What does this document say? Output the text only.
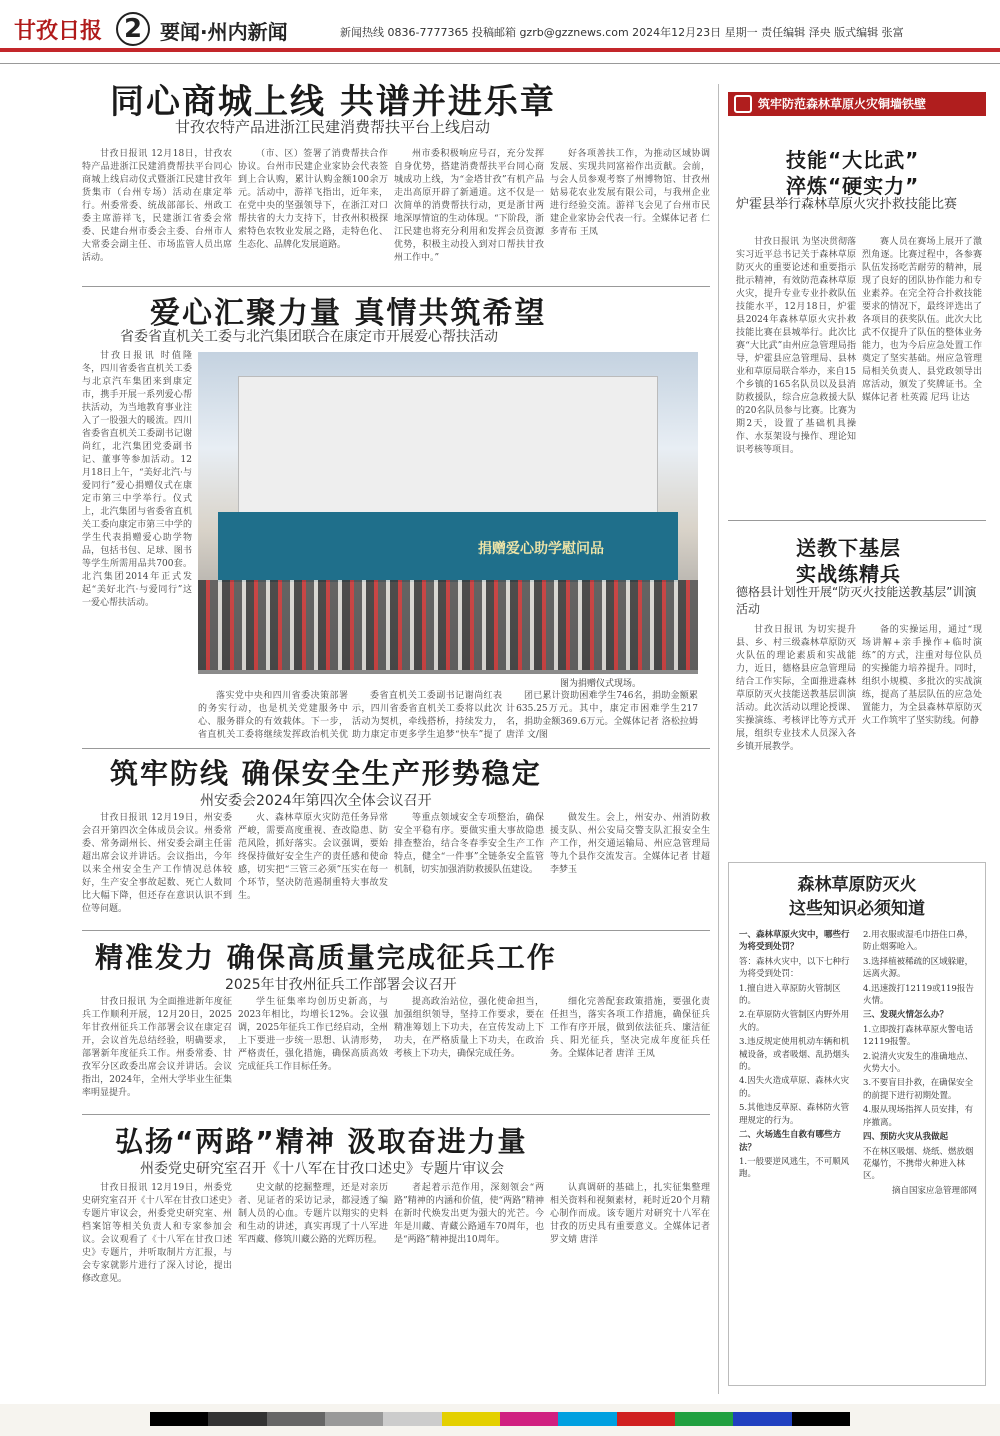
甘孜日报 2 要闻·州内新闻	新闻热线 0836-7777365 投稿邮箱 gzrb@gzznews.com 2024年12月23日 星期一 责任编辑 泽央 版式编辑 张富
同心商城上线 共谱并进乐章
甘孜农特产品进浙江民建消费帮扶平台上线启动

甘孜日报讯 12月18日，甘孜农特产品进浙江民建消费帮扶平台同心商城上线启动仪式暨浙江民建甘孜年货集市（台州专场）活动在康定举行。州委常委、统战部部长、州政工委主席游祥飞，民建浙江省委会常委、民建台州市委会主委、台州市人大常委会副主任、市场监管人员出席活动。

（市、区）签署了消费帮扶合作协议。台州市民建企业家协会代表签到上合认购，累计认购金额100余万元。活动中，游祥飞指出，近年来，在党中央的坚强领导下，在浙江对口帮扶省的大力支持下，甘孜州积极探索特色农牧业发展之路，走特色化、生态化、品牌化发展道路。

州市委积极响应号召，充分发挥自身优势，搭建消费帮扶平台同心商城成功上线，为“金塔甘孜”有机产品走出高原开辟了新通道。这不仅是一次简单的消费帮扶行动，更是浙甘两地深厚情谊的生动体现。“下阶段，浙江民建也将充分利用和发挥会员资源优势，积极主动投入到对口帮扶甘孜州工作中。”

好各项善扶工作，为推动区域协调发展、实现共同富裕作出贡献。会前，与会人员参观考察了州博物馆、甘孜州姑易花农业发展有限公司，与我州企业进行经验交流。游祥飞会见了台州市民建企业家协会代表一行。全媒体记者 仁多青布 王凤

爱心汇聚力量 真情共筑希望
省委省直机关工委与北汽集团联合在康定市开展爱心帮扶活动

甘孜日报讯 时值隆冬，四川省委省直机关工委与北京汽车集团来到康定市，携手开展一系列爱心帮扶活动，为当地教育事业注入了一股强大的暖流。四川省委省直机关工委副书记谢尚红，北汽集团党委副书记、董事等参加活动。12月18日上午，“美好北汽·与爱同行”爱心捐赠仪式在康定市第三中学举行。仪式上，北汽集团与省委省直机关工委向康定市第三中学的学生代表捐赠爱心助学物品，包括书包、足球、图书等学生所需用品共700套。北汽集团2014年正式发起“美好北汽·与爱同行”这一爱心帮扶活动。

捐赠爱心助学慰问品
图为捐赠仪式现场。

落实党中央和四川省委决策部署的务实行动，也是机关党建服务中心、服务群众的有效载体。下一步，省直机关工委将继续发挥政治机关优

委省直机关工委副书记谢尚红表示，四川省委省直机关工委将以此次活动为契机，牵线搭桥，持续发力，助力康定市更多学生追梦“快车”提了

团已累计资助困难学生746名，捐助金额累计635.25万元。其中，康定市困难学生217名，捐助金额369.6万元。全媒体记者 洛松拉姆 唐洋 文/图

筑牢防线 确保安全生产形势稳定
州安委会2024年第四次全体会议召开

甘孜日报讯 12月19日，州安委会召开第四次全体成员会议。州委常委、常务副州长、州安委会副主任雷超出席会议并讲话。会议指出，今年以来全州安全生产工作情况总体较好，生产安全事故起数、死亡人数同比大幅下降，但还存在意识认识不到位等问题。

火、森林草原火灾防范任务异常严峻，需要高度重视、查改隐患、防范风险，抓好落实。会议强调，要始终保持做好安全生产的责任感和使命感，切实把“三管三必须”压实在每一个环节，坚决防范遏制重特大事故发生。

等重点领域安全专项整治，确保安全平稳有序。要做实重大事故隐患排查整治，结合冬春季安全生产工作特点，健全“一件事”全链条安全监管机制，切实加强消防救援队伍建设。

做发生。会上，州安办、州消防救援支队、州公安局交警支队汇报安全生产工作，州交通运输局、州应急管理局等九个县作交流发言。全媒体记者 甘超 李梦玉

精准发力 确保高质量完成征兵工作
2025年甘孜州征兵工作部署会议召开

甘孜日报讯 为全面推进新年度征兵工作顺利开展，12月20日，2025年甘孜州征兵工作部署会议在康定召开，会议首先总结经验，明确要求，部署新年度征兵工作。州委常委、甘孜军分区政委出席会议并讲话。会议指出，2024年，全州大学毕业生征集率明显提升。

学生征集率均创历史新高，与2023年相比，均增长12%。会议强调，2025年征兵工作已经启动，全州上下要进一步统一思想、认清形势，严格责任，强化措施，确保高质高效完成征兵工作目标任务。

提高政治站位，强化使命担当，加强组织领导，坚持工作要求，要在精准筹划上下功夫，在宣传发动上下功夫，在严格质量上下功夫，在政治考核上下功夫，确保完成任务。

细化完善配套政策措施，要强化责任担当，落实各项工作措施，确保征兵工作有序开展，做到依法征兵、廉洁征兵、阳光征兵，坚决完成年度征兵任务。全媒体记者 唐洋 王凤

弘扬“两路”精神 汲取奋进力量
州委党史研究室召开《十八军在甘孜口述史》专题片审议会

甘孜日报讯 12月19日，州委党史研究室召开《十八军在甘孜口述史》专题片审议会，州委党史研究室、州档案馆等相关负责人和专家参加会议。会议观看了《十八军在甘孜口述史》专题片，并听取制片方汇报，与会专家就影片进行了深入讨论，提出修改意见。

史文献的挖掘整理，还是对亲历者、见证者的采访记录，都浸透了编制人员的心血。专题片以翔实的史料和生动的讲述，真实再现了十八军进军西藏、修筑川藏公路的光辉历程。

者起着示范作用，深刻领会“两路”精神的内涵和价值，使“两路”精神在新时代焕发出更为强大的光芒。今年是川藏、青藏公路通车70周年，也是“两路”精神提出10周年。

认真调研的基础上，扎实征集整理相关资料和视频素材，耗时近20个月精心制作而成。该专题片对研究十八军在甘孜的历史具有重要意义。全媒体记者 罗文婧 唐洋

筑牢防范森林草原火灾铜墙铁壁
技能“大比武”
淬炼“硬实力”
炉霍县举行森林草原火灾扑救技能比赛

甘孜日报讯 为坚决贯彻落实习近平总书记关于森林草原防灭火的重要论述和重要指示批示精神，有效防范森林草原火灾，提升专业专业扑救队伍技能水平，12月18日，炉霍县2024年森林草原火灾扑救技能比赛在县城举行。此次比赛“大比武”由州应急管理局指导，炉霍县应急管理局、县林业和草原局联合举办，来自15个乡镇的165名队员以及县消防救援队，综合应急救援大队的20名队员参与比赛。比赛为期2天，设置了基础机具操作、水泵架设与操作、理论知识考核等项目。

赛人员在赛场上展开了激烈角逐。比赛过程中，各参赛队伍发扬吃苦耐劳的精神，展现了良好的团队协作能力和专业素养。在完全符合扑救技能要求的情况下，最终评选出了各项目的获奖队伍。此次大比武不仅提升了队伍的整体业务能力，也为今后应急处置工作奠定了坚实基础。州应急管理局相关负责人、县党政领导出席活动，颁发了奖牌证书。全媒体记者 杜英霞 尼玛 让达

送教下基层
实战练精兵
德格县计划性开展“防灭火技能送教基层”训演活动

甘孜日报讯 为切实提升县、乡、村三级森林草原防灭火队伍的理论素质和实战能力，近日，德格县应急管理局结合工作实际，全面推进森林草原防灭火技能送教基层训演活动。此次活动以理论授课、实操演练、考核评比等方式开展，组织专业技术人员深入各乡镇开展教学。

备的实操运用，通过“现场讲解+亲手操作+临时演练”的方式，注重对每位队员的实操能力培养提升。同时，组织小规模、多批次的实战演练，提高了基层队伍的应急处置能力，为全县森林草原防灭火工作筑牢了坚实防线。何静

森林草原防灭火
这些知识必须知道

一、森林草原火灾中，哪些行为将受到处罚？

答：森林火灾中，以下七种行为将受到处罚：

1.擅自进入草原防火管制区的。

2.在草原防火管制区内野外用火的。

3.违反规定使用机动车辆和机械设备，或者吸烟、乱扔烟头的。

4.因失火造成草原、森林火灾的。

5.其他违反草原、森林防火管理规定的行为。

二、火场逃生自救有哪些方法？

1.一般要逆风逃生，不可顺风跑。

2.用衣服或湿毛巾捂住口鼻，防止烟雾呛入。

3.选择植被稀疏的区域躲避，远离火源。

4.迅速拨打12119或119报告火情。

三、发现火情怎么办？

1.立即拨打森林草原火警电话12119报警。

2.说清火灾发生的准确地点、火势大小。

3.不要盲目扑救，在确保安全的前提下进行初期处置。

4.服从现场指挥人员安排，有序撤离。

四、预防火灾从我做起

不在林区吸烟、烧纸、燃放烟花爆竹，不携带火种进入林区。

摘自国家应急管理部网
